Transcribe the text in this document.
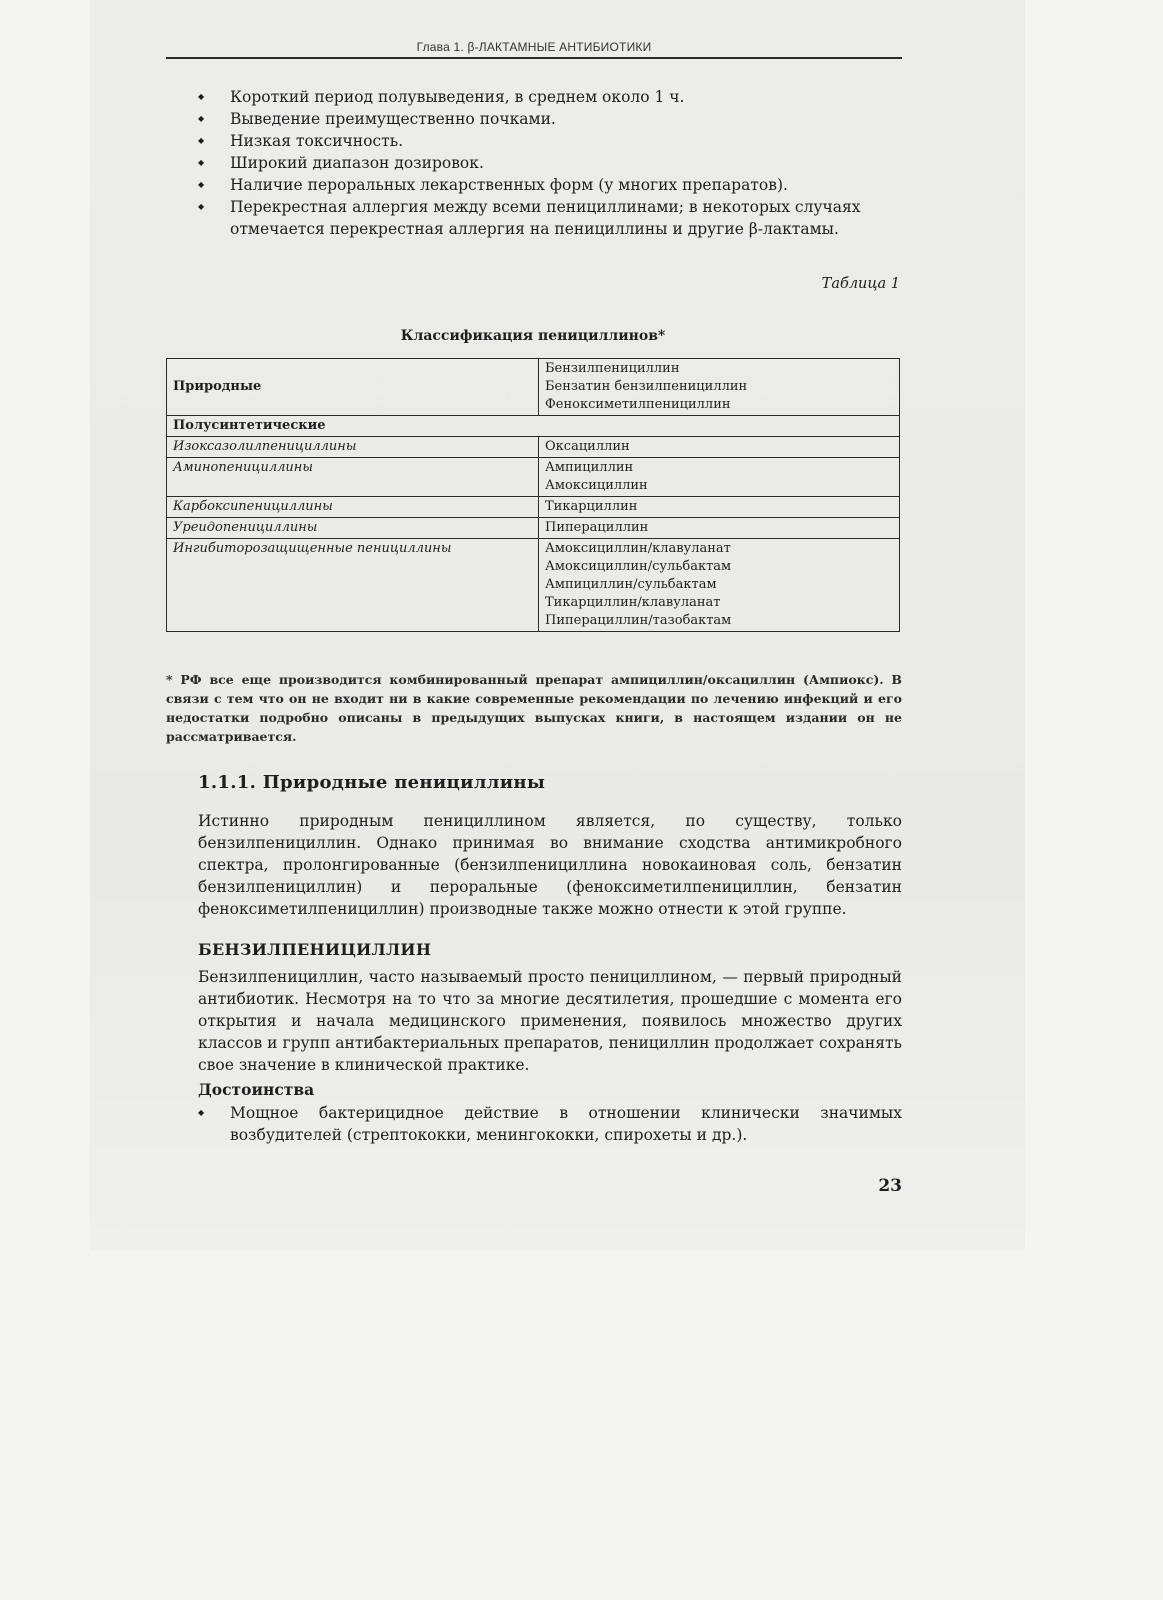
Глава 1. β-ЛАКТАМНЫЕ АНТИБИОТИКИ
◆ Короткий период полувыведения, в среднем около 1 ч.
◆ Выведение преимущественно почками.
◆ Низкая токсичность.
◆ Широкий диапазон дозировок.
◆ Наличие пероральных лекарственных форм (у многих препаратов).
◆ Перекрестная аллергия между всеми пенициллинами; в некоторых случаях отмечается перекрестная аллергия на пенициллины и другие β-лактамы.
Таблица 1
Классификация пенициллинов*
Природные	Бензилпенициллин
Бензатин бензилпенициллин
Феноксиметилпенициллин

Полусинтетические	
Изоксазолилпенициллины	Оксациллин

Аминопенициллины	Ампициллин
Амоксициллин

Карбоксипенициллины	Тикарциллин

Уреидопенициллины	Пиперациллин

Ингибиторозащищенные пенициллины	Амоксициллин/клавуланат
Амоксициллин/сульбактам
Ампициллин/сульбактам
Тикарциллин/клавуланат
Пиперациллин/тазобактам
* РФ все еще производится комбинированный препарат ампициллин/оксациллин (Ампиокс). В связи с тем что он не входит ни в какие современные рекомендации по лечению инфекций и его недостатки подробно описаны в предыдущих выпусках книги, в настоящем издании он не рассматривается.
1.1.1. Природные пенициллины
Истинно природным пенициллином является, по существу, только бензилпенициллин. Однако принимая во внимание сходства антимикробного спектра, пролонгированные (бензилпенициллина новокаиновая соль, бензатин бензилпенициллин) и пероральные (феноксиметилпенициллин, бензатин феноксиметилпенициллин) производные также можно отнести к этой группе.
БЕНЗИЛПЕНИЦИЛЛИН
Бензилпенициллин, часто называемый просто пенициллином, — первый природный антибиотик. Несмотря на то что за многие десятилетия, прошедшие с момента его открытия и начала медицинского применения, появилось множество других классов и групп антибактериальных препаратов, пенициллин продолжает сохранять свое значение в клинической практике.
Достоинства
◆ Мощное бактерицидное действие в отношении клинически значимых возбудителей (стрептококки, менингококки, спирохеты и др.).
23
